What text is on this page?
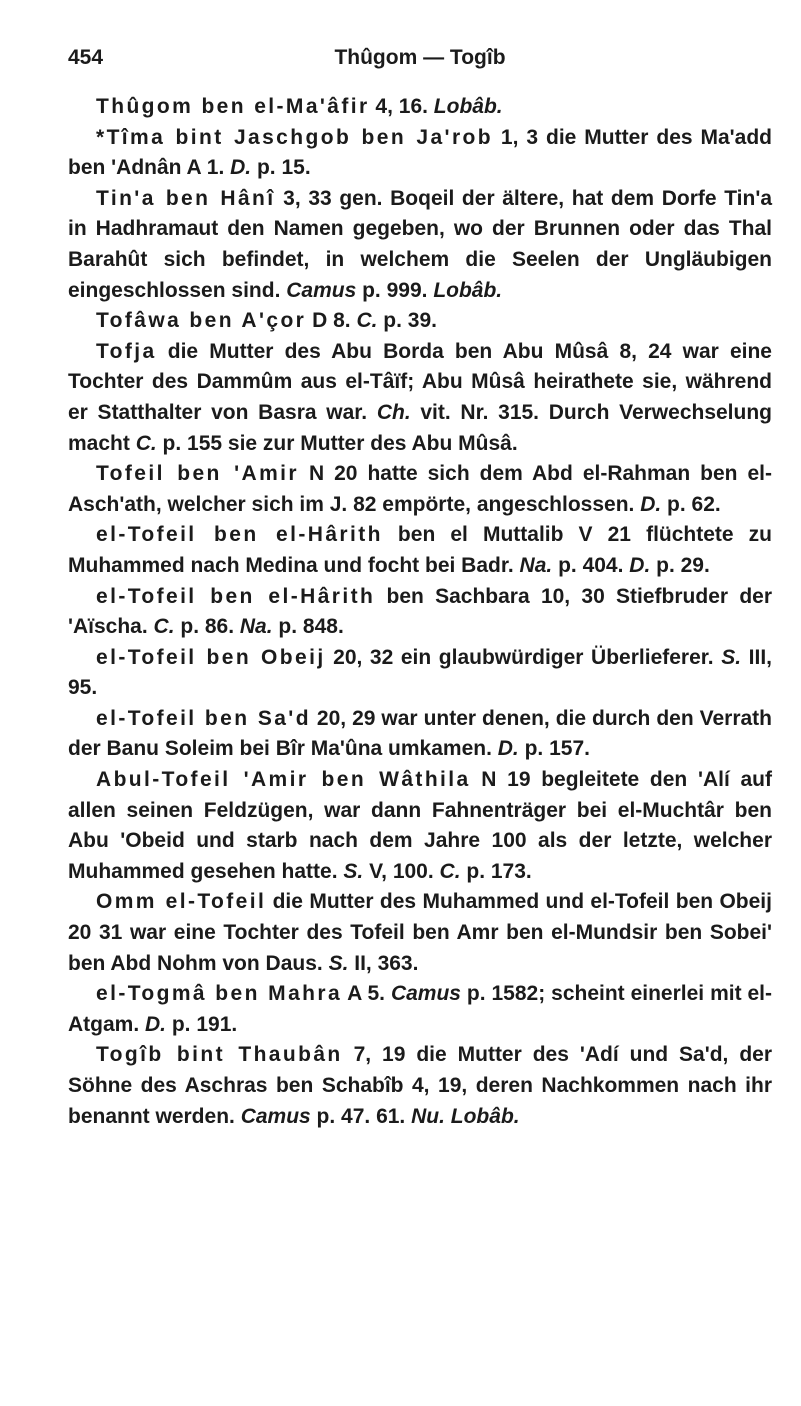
454	Thûgom — Togîb

Thûgom ben el-Ma'âfir 4, 16. Lobâb.

*Tîma bint Jaschgob ben Ja'rob 1, 3 die Mutter des Ma'add ben 'Adnân A 1. D. p. 15.

Tin'a ben Hânî 3, 33 gen. Boqeil der ältere, hat dem Dorfe Tin'a in Hadhramaut den Namen gegeben, wo der Brunnen oder das Thal Barahût sich befindet, in welchem die Seelen der Ungläubigen eingeschlossen sind. Camus p. 999. Lobâb.

Tofâwa ben A'çor D 8. C. p. 39.

Tofja die Mutter des Abu Borda ben Abu Mûsâ 8, 24 war eine Tochter des Dammûm aus el-Tâïf; Abu Mûsâ heirathete sie, während er Statthalter von Basra war. Ch. vit. Nr. 315. Durch Verwechselung macht C. p. 155 sie zur Mutter des Abu Mûsâ.

Tofeil ben 'Amir N 20 hatte sich dem Abd el-Rahman ben el-Asch'ath, welcher sich im J. 82 empörte, angeschlossen. D. p. 62.

el-Tofeil ben el-Hârith ben el Muttalib V 21 flüchtete zu Muhammed nach Medina und focht bei Badr. Na. p. 404. D. p. 29.

el-Tofeil ben el-Hârith ben Sachbara 10, 30 Stiefbruder der 'Aïscha. C. p. 86. Na. p. 848.

el-Tofeil ben Obeij 20, 32 ein glaubwürdiger Überlieferer. S. III, 95.

el-Tofeil ben Sa'd 20, 29 war unter denen, die durch den Verrath der Banu Soleim bei Bîr Ma'ûna umkamen. D. p. 157.

Abul-Tofeil 'Amir ben Wâthila N 19 begleitete den 'Alí auf allen seinen Feldzügen, war dann Fahnenträger bei el-Muchtâr ben Abu 'Obeid und starb nach dem Jahre 100 als der letzte, welcher Muhammed gesehen hatte. S. V, 100. C. p. 173.

Omm el-Tofeil die Mutter des Muhammed und el-Tofeil ben Obeij 20 31 war eine Tochter des Tofeil ben Amr ben el-Mundsir ben Sobei' ben Abd Nohm von Daus. S. II, 363.

el-Togmâ ben Mahra A 5. Camus p. 1582; scheint einerlei mit el-Atgam. D. p. 191.

Togîb bint Thaubân 7, 19 die Mutter des 'Adí und Sa'd, der Söhne des Aschras ben Schabîb 4, 19, deren Nachkommen nach ihr benannt werden. Camus p. 47. 61. Nu. Lobâb.
